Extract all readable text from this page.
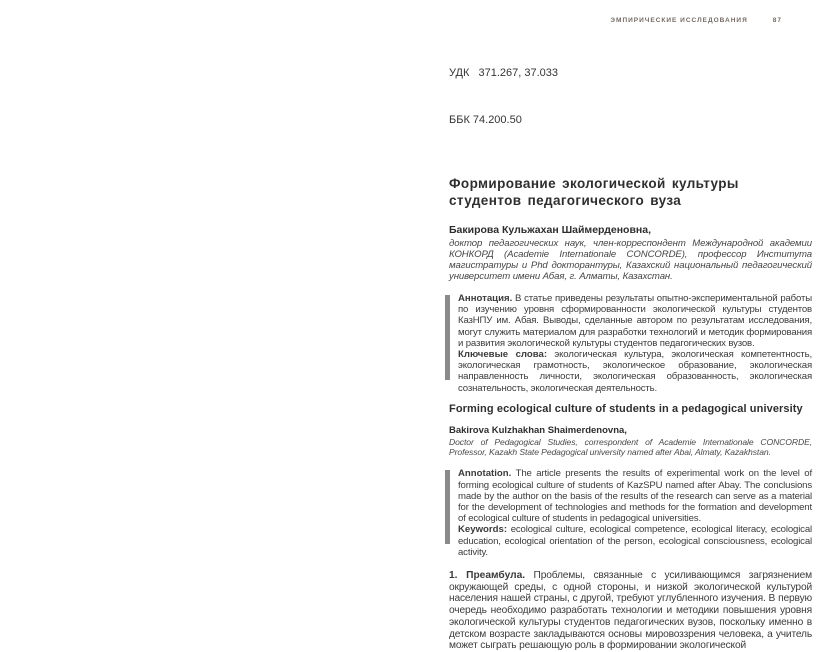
ЭМПИРИЧЕСКИЕ ИССЛЕДОВАНИЯ	87

УДК   371.267, 37.033

ББК 74.200.50

Формирование экологической культуры студентов педагогического вуза
Бакирова Кульжахан Шаймерденовна,
доктор педагогических наук, член-корреспондент Международной академии КОНКОРД (Academie Internationale CONCORDE), профессор Института магистратуры и Phd докторантуры, Казахский национальный педагогический университет имени Абая, г. Алматы, Казахстан.

Аннотация. В статье приведены результаты опытно-экспериментальной работы по изучению уровня сформированности экологической культуры студентов КазНПУ им. Абая. Выводы, сделанные автором по результатам исследования, могут служить материалом для разработки технологий и методик формирования и развития экологической культуры студентов педагогических вузов.

Ключевые слова: экологическая культура, экологическая компетентность, экологическая грамотность, экологическое образование, экологическая направленность личности, экологическая образованность, экологическая сознательность, экологическая деятельность.

Forming ecological culture of students in a pedagogical university
Bakirova Kulzhakhan Shaimerdenovna,
Doctor of Pedagogical Studies, correspondent of Academie Internationale CONCORDE, Professor, Kazakh State Pedagogical university named after Abai, Almaty, Kazakhstan.

Annotation. The article presents the results of experimental work on the level of forming ecological culture of students of KazSPU named after Abay. The conclusions made by the author on the basis of the results of the research can serve as a material for the development of technologies and methods for the formation and development of ecological culture of students in pedagogical universities.

Keywords: ecological culture, ecological competence, ecological literacy, ecological education, ecological orientation of the person, ecological consciousness, ecological activity.

1. Преамбула. Проблемы, связанные с усиливающимся загрязнением окружающей среды, с одной стороны, и низкой экологической культурой населения нашей страны, с другой, требуют углубленного изучения. В первую очередь необходимо разработать технологии и методики повышения уровня экологической культуры студентов педагогических вузов, поскольку именно в детском возрасте закладываются основы мировоззрения человека, а учитель может сыграть решающую роль в формировании экологической
